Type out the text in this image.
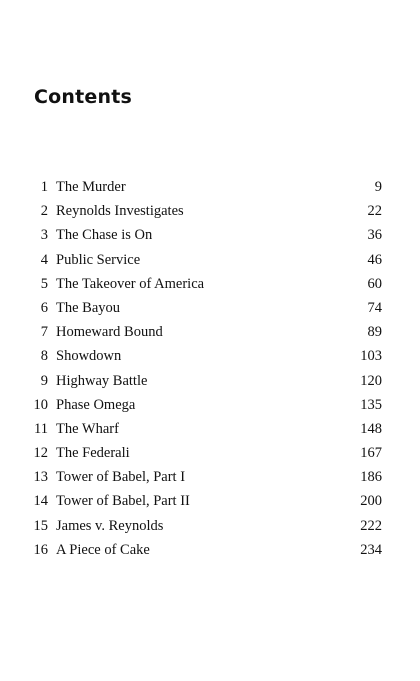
Contents
1 The Murder	9
2 Reynolds Investigates	22
3 The Chase is On	36
4 Public Service	46
5 The Takeover of America	60
6 The Bayou	74
7 Homeward Bound	89
8 Showdown	103
9 Highway Battle	120
10 Phase Omega	135
11 The Wharf	148
12 The Federali	167
13 Tower of Babel, Part I	186
14 Tower of Babel, Part II	200
15 James v. Reynolds	222
16 A Piece of Cake	234
